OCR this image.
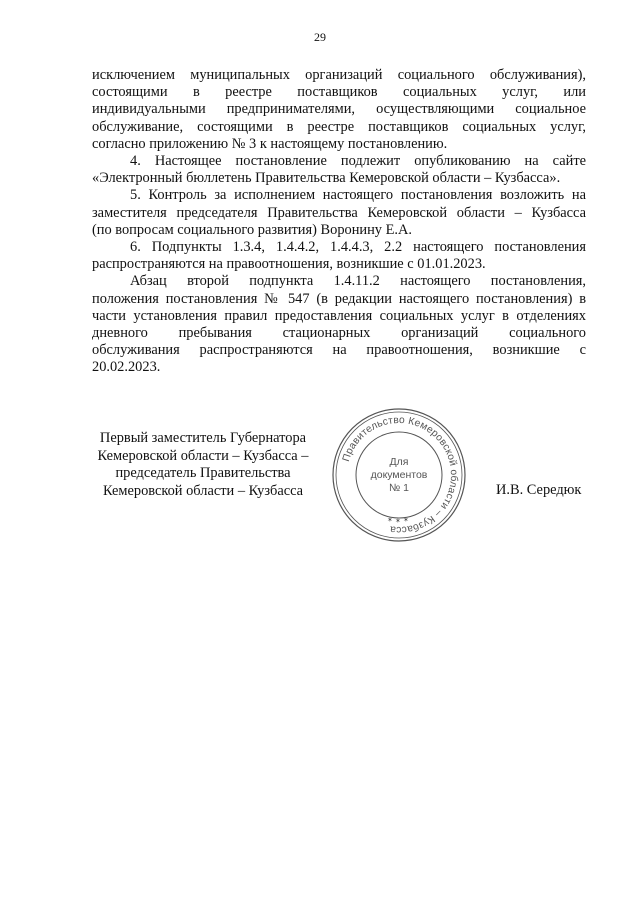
29
исключением муниципальных организаций социального обслуживания),
состоящими в реестре поставщиков социальных услуг, или
индивидуальными предпринимателями, осуществляющими социальное
обслуживание, состоящими в реестре поставщиков социальных услуг,
согласно приложению № 3 к настоящему постановлению.
4. Настоящее постановление подлежит опубликованию на сайте
«Электронный бюллетень Правительства Кемеровской области – Кузбасса».
5. Контроль за исполнением настоящего постановления возложить на
заместителя председателя Правительства Кемеровской области – Кузбасса
(по вопросам социального развития) Воронину Е.А.
6. Подпункты 1.3.4, 1.4.4.2, 1.4.4.3, 2.2 настоящего постановления
распространяются на правоотношения, возникшие с 01.01.2023.
Абзац второй подпункта 1.4.11.2 настоящего постановления,
положения постановления № 547 (в редакции настоящего постановления) в
части установления правил предоставления социальных услуг в отделениях
дневного пребывания стационарных организаций социального
обслуживания распространяются на правоотношения, возникшие с
20.02.2023.
Первый заместитель Губернатора
Кемеровской области – Кузбасса –
председатель Правительства
Кемеровской области – Кузбасса
Правительство Кемеровской области – Кузбасса
✶ ✶ ✶
Для
документов
№ 1	И.В. Середюк
